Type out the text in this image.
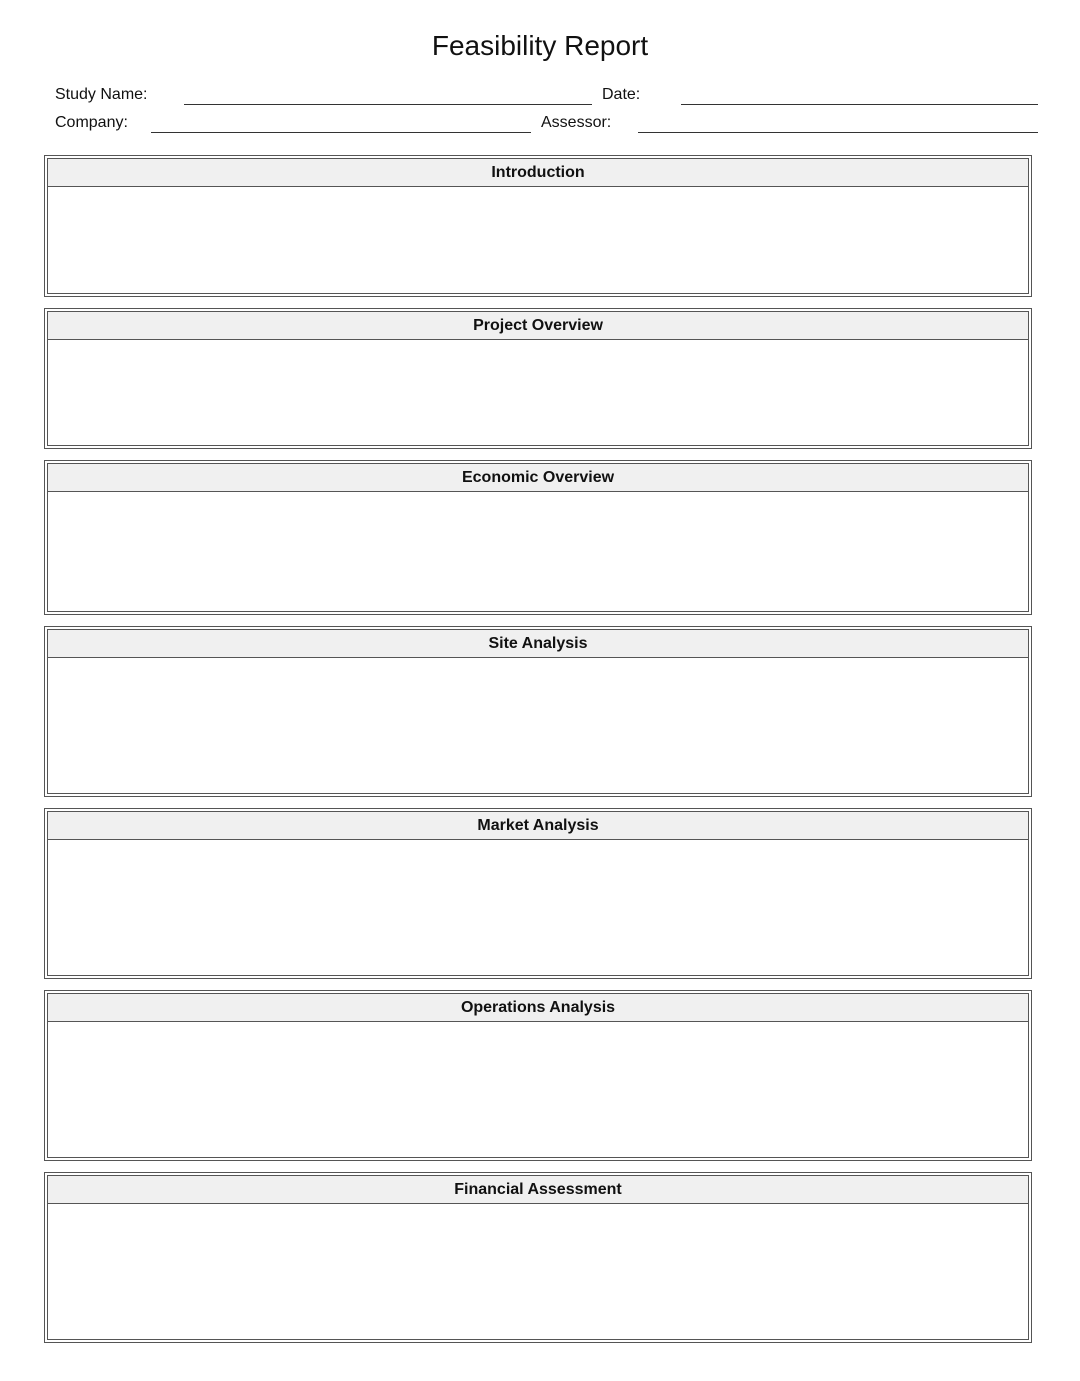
Feasibility Report
Study Name:	Date:
Company:	Assessor:
Introduction
Project Overview
Economic Overview
Site Analysis
Market Analysis
Operations Analysis
Financial Assessment
